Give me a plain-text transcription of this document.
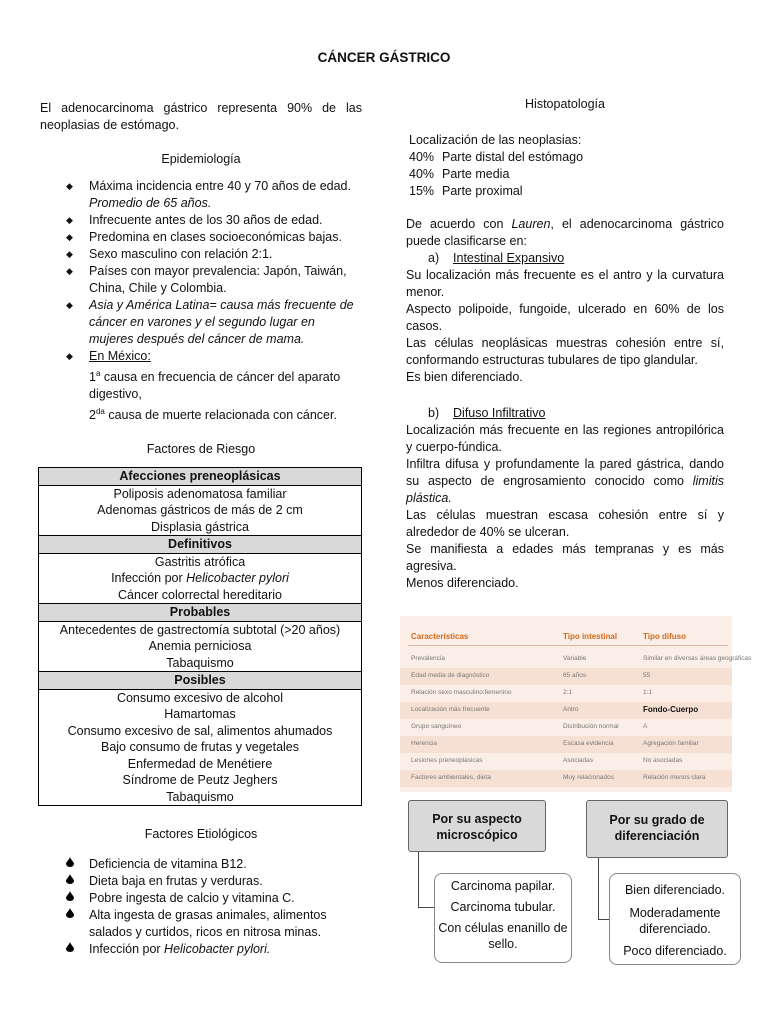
CÁNCER GÁSTRICO

El adenocarcinoma gástrico representa 90% de las neoplasias de estómago.

Epidemiología

◆ Máxima incidencia entre 40 y 70 años de edad.
Promedio de 65 años.
◆ Infrecuente antes de los 30 años de edad.
◆ Predomina en clases socioeconómicas bajas.
◆ Sexo masculino con relación 2:1.
◆ Países con mayor prevalencia: Japón, Taiwán, China, Chile y Colombia.
◆ Asia y América Latina= causa más frecuente de cáncer en varones y el segundo lugar en mujeres después del cáncer de mama.
◆ En México:
1$^a$ causa en frecuencia de cáncer del aparato digestivo,
$2^{da}$ causa de muerte relacionada con cáncer.

Factores de Riesgo

Afecciones preneoplásicas
Poliposis adenomatosa familiar
Adenomas gástricos de más de 2 cm
Displasia gástrica
Definitivos
Gastritis atrófica
Infección por Helicobacter pylori
Cáncer colorrectal hereditario
Probables
Antecedentes de gastrectomía subtotal (>20 años)
Anemia perniciosa
Tabaquismo
Posibles
Consumo excesivo de alcohol
Hamartomas
Consumo excesivo de sal, alimentos ahumados
Bajo consumo de frutas y vegetales
Enfermedad de Menétiere
Síndrome de Peutz Jeghers
Tabaquismo

Factores Etiológicos

Deficiencia de vitamina B12.
Dieta baja en frutas y verduras.
Pobre ingesta de calcio y vitamina C.
Alta ingesta de grasas animales, alimentos salados y curtidos, ricos en nitrosa minas.
Infección por Helicobacter pylori.

Histopatología

Localización de las neoplasias:

40% Parte distal del estómago
40% Parte media
15% Parte proximal

De acuerdo con Lauren, el adenocarcinoma gástrico puede clasificarse en:

a) Intestinal Expansivo

Su localización más frecuente es el antro y la curvatura menor.

Aspecto polipoide, fungoide, ulcerado en 60% de los casos.

Las células neoplásicas muestras cohesión entre sí, conformando estructuras tubulares de tipo glandular.

Es bien diferenciado.

b) Difuso Infiltrativo

Localización más frecuente en las regiones antropilórica y cuerpo-fúndica.

Infiltra difusa y profundamente la pared gástrica, dando su aspecto de engrosamiento conocido como limitis plástica.

Las células muestran escasa cohesión entre sí y alrededor de 40% se ulceran.

Se manifiesta a edades más tempranas y es más agresiva.

Menos diferenciado.

Características	Tipo intestinal	Tipo difuso
Prevalencia	Variable	Similar en diversas áreas geográficas
Edad media de diagnóstico	65 años	55
Relación sexo masculino:femenino	2:1	1:1
Localización más frecuente	Antro	Fondo-Cuerpo
Grupo sanguíneo	Distribución normal	A
Herencia	Escasa evidencia	Agregación familiar
Lesiones preneoplásicas	Asociadas	No asociadas
Factores ambientales, dieta	Muy relacionados	Relación menos clara
Por su aspecto microscópico
Carcinoma papilar.
Carcinoma tubular.
Con células enanillo de sello.
Por su grado de diferenciación
Bien diferenciado.
Moderadamente diferenciado.
Poco diferenciado.
